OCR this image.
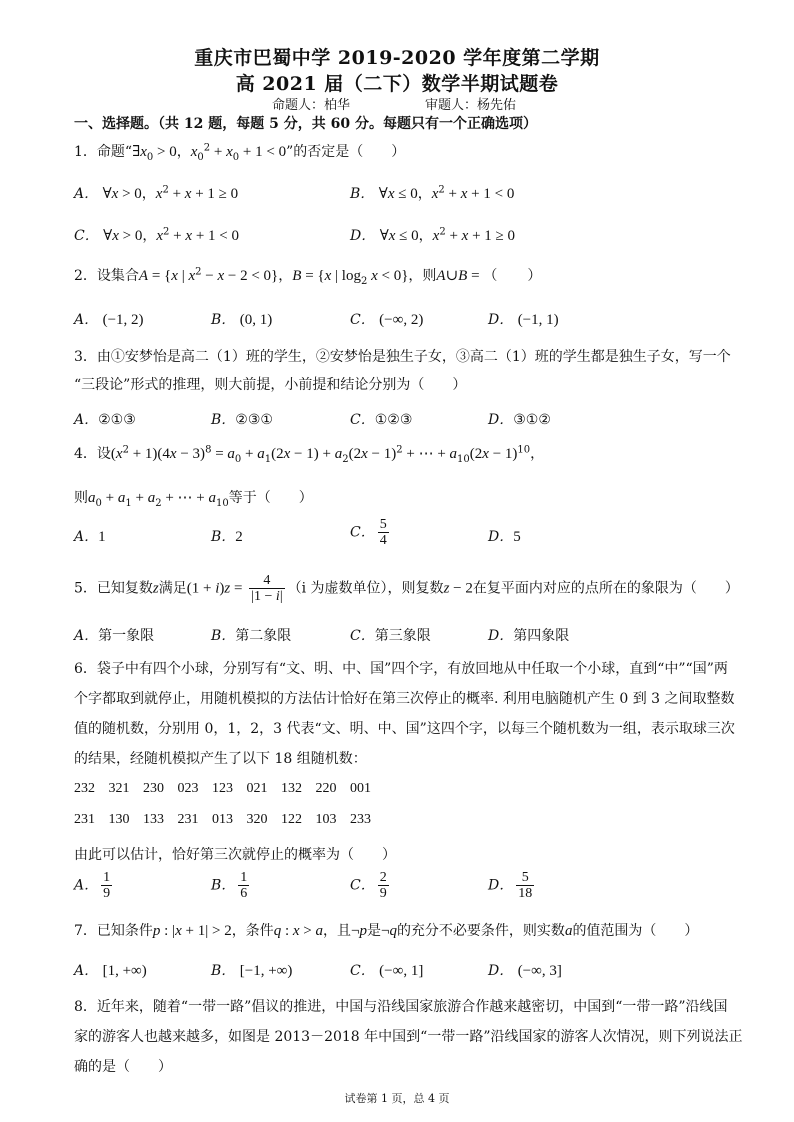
重庆市巴蜀中学 2019-2020 学年度第二学期
高 2021 届（二下）数学半期试题卷
命题人：柏华	审题人：杨先佑
一、选择题。（共 12 题，每题 5 分，共 60 分。每题只有一个正确选项）
1．命题“$\exists x_0 > 0$，$x_0^2 + x_0 + 1 < 0$”的否定是（　　）
A． ∀x > 0，$x^2 + x + 1 \ge 0$	B． ∀x ≤ 0，$x^2 + x + 1 < 0$
C． ∀x > 0，$x^2 + x + 1 < 0$	D． ∀x ≤ 0，$x^2 + x + 1 \ge 0$
2．设集合A = {x | $x^2 - x - 2 < 0$}，B = {x | $\log_2 x < 0$}，则A∪B = （ ）
A． (−1, 2)	B． (0, 1)	C． (−∞, 2)	D． (−1, 1)
3．由①安梦怡是高二（1）班的学生，②安梦怡是独生子女，③高二（1）班的学生都是独生子女，写一个
“三段论”形式的推理，则大前提，小前提和结论分别为（　　）
A．②①③	B．②③①	C．①②③	D．③①②
4．设$(x^2 + 1)(4x - 3)^8 = a_0 + a_1(2x - 1) + a_2(2x - 1)^2$ + ⋯ + $a_{10}(2x - 1)^{10}$，
则$a_0 + a_1 + a_2$ + ⋯ + $a_{10}$等于（　　）
A．1	B．2	C． $\frac{5}{4}$	D．5
5．已知复数z满足$(1 + i)z = \frac{4}{|1 - i|} (i$ 为虚数单位），则复数z − 2在复平面内对应的点所在的象限为（　　）
A．第一象限	B．第二象限	C．第三象限	D．第四象限
6．袋子中有四个小球，分别写有“文、明、中、国”四个字，有放回地从中任取一个小球，直到“中”“国”两
个字都取到就停止，用随机模拟的方法估计恰好在第三次停止的概率. 利用电脑随机产生 0 到 3 之间取整数
值的随机数，分别用 0，1，2，3 代表“文、明、中、国”这四个字，以每三个随机数为一组，表示取球三次
的结果，经随机模拟产生了以下 18 组随机数：
232 321 230 023 123 021 132 220 001
231 130 133 231 013 320 122 103 233
由此可以估计，恰好第三次就停止的概率为（　　）
A． $\frac{1}{9}$	B． $\frac{1}{6}$	C． $\frac{2}{9}$	D． $\frac{5}{18}$
7．已知条件p : |x + 1| > 2，条件q : x > a，且¬p是¬q的充分不必要条件，则实数a的值范围为（　　）
A． [1, +∞)	B． [−1, +∞)	C． (−∞, 1]	D． (−∞, 3]
8．近年来，随着“一带一路”倡议的推进，中国与沿线国家旅游合作越来越密切，中国到“一带一路”沿线国
家的游客人也越来越多，如图是 2013－2018 年中国到“一带一路”沿线国家的游客人次情况，则下列说法正
确的是（　　）
试卷第 1 页，总 4 页
